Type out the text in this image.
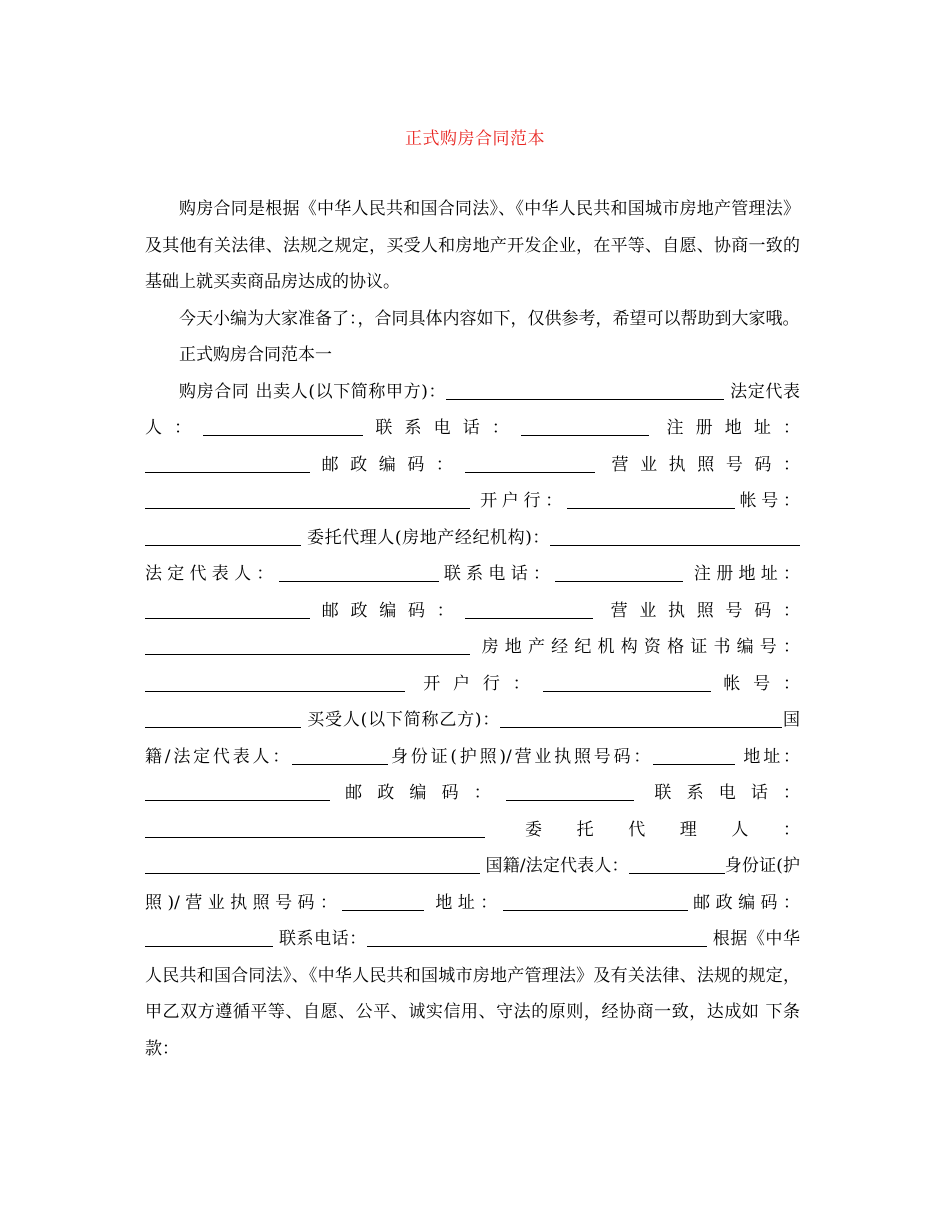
正式购房合同范本

购房合同是根据《中华人民共和国合同法》、《中华人民共和国城市房地产管理法》及其他有关法律、法规之规定，买受人和房地产开发企业，在平等、自愿、协商一致的基础上就买卖商品房达成的协议。

今天小编为大家准备了：，合同具体内容如下，仅供参考，希望可以帮助到大家哦。

正式购房合同范本一

购房合同 出卖人(以下简称甲方)：	法定代表人：	联系电话：	注册地址：邮政编码：	营业执照号码： 开户行：	帐号： 委托代理人(房地产经纪机构)： 法定代表人：	联系电话：	注册地址：邮政编码：	营业执照号码： 房地产经纪机构资格证书编号： 开户行：	帐号： 买受人(以下简称乙方)：	国籍/法定代表人：	身份证(护照)/营业执照号码：	地址：邮政编码：	联系电话： 委托代理人： 国籍/法定代表人：	身份证(护照)/营业执照号码：	地址：	邮政编码： 联系电话：	根据《中华人民共和国合同法》、《中华人民共和国城市房地产管理法》及有关法律、法规的规定，甲乙双方遵循平等、自愿、公平、诚实信用、守法的原则，经协商一致，达成如 下条款：
